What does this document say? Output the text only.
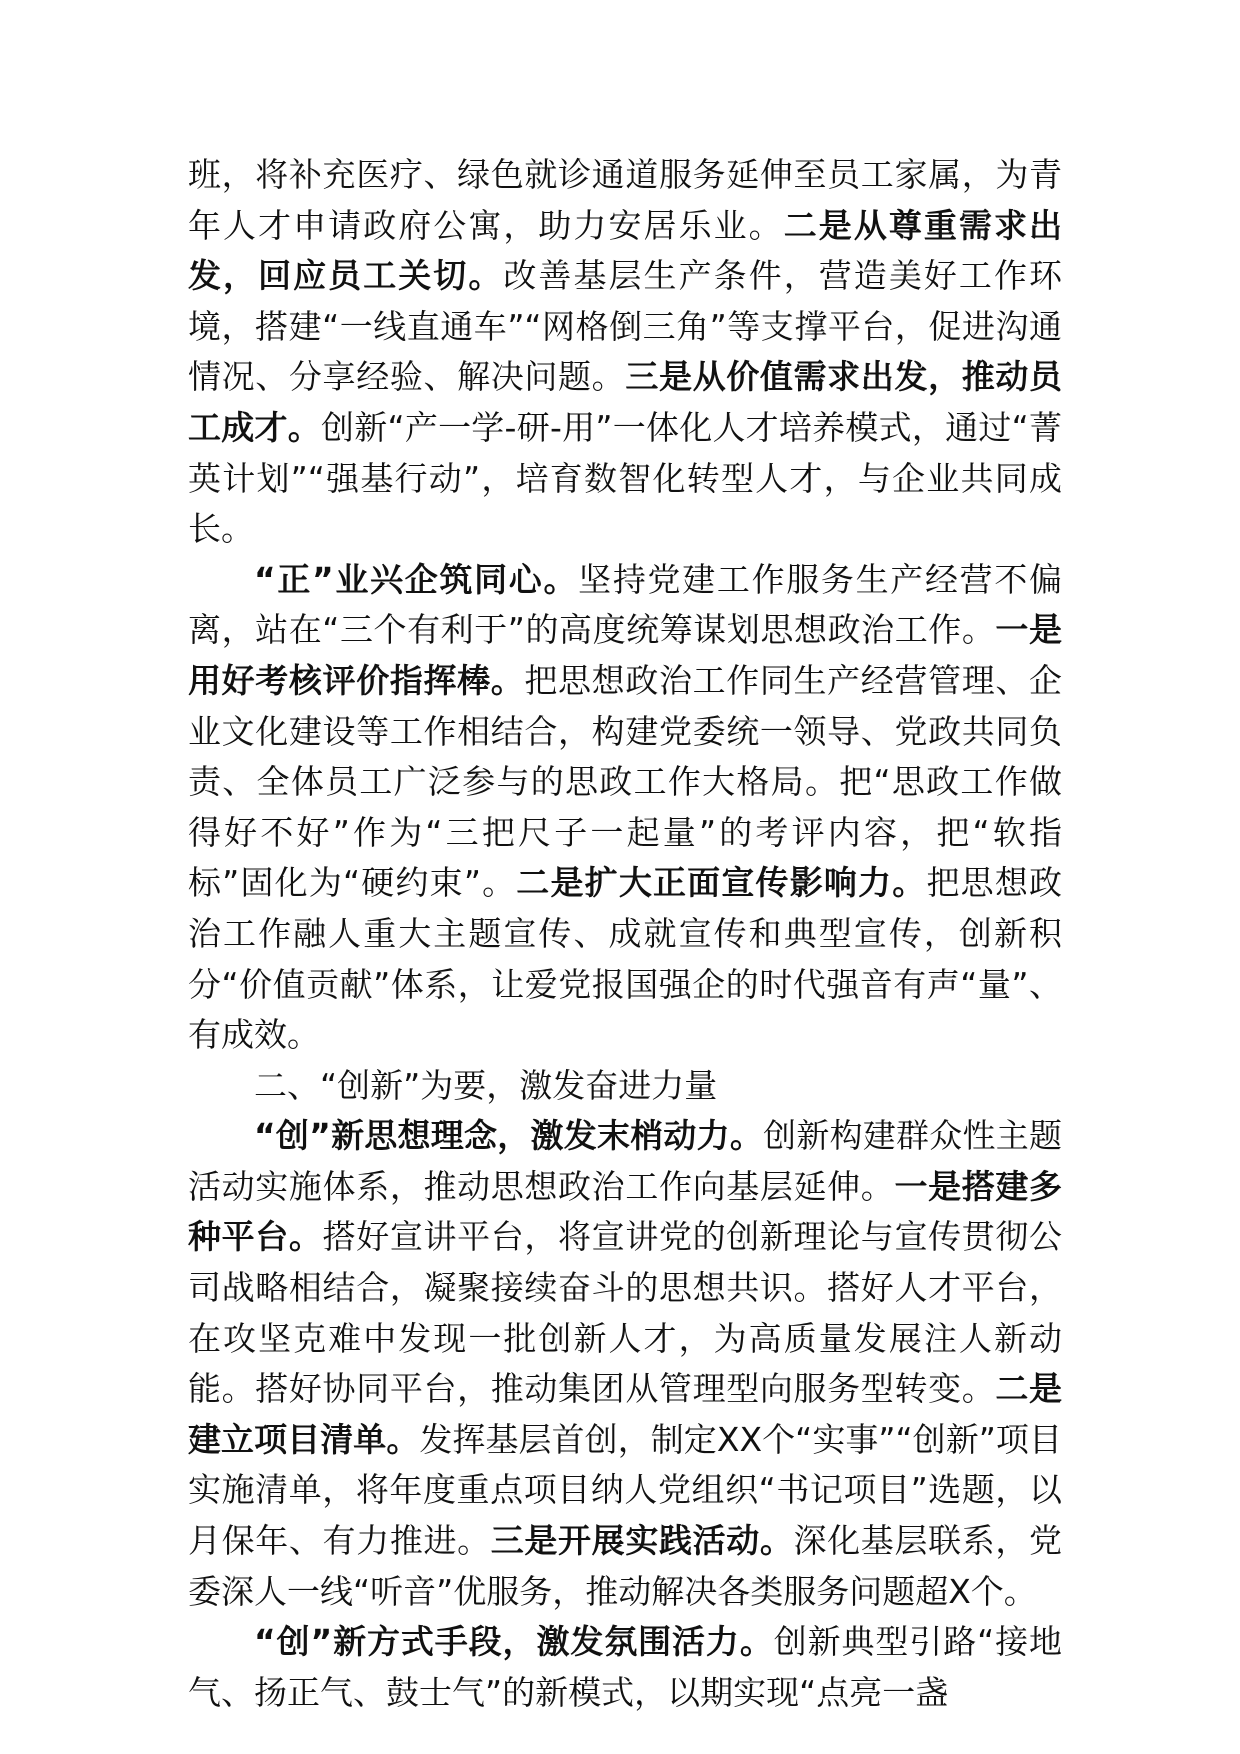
班，将补充医疗、绿色就诊通道服务延伸至员工家属，为青年人才申请政府公寓，助力安居乐业。二是从尊重需求出发，回应员工关切。改善基层生产条件，营造美好工作环境，搭建“一线直通车”“网格倒三角”等支撑平台，促进沟通情况、分享经验、解决问题。三是从价值需求出发，推动员工成才。创新“产一学-研-用”一体化人才培养模式，通过“菁英计划”“强基行动”，培育数智化转型人才，与企业共同成长。

“正”业兴企筑同心。坚持党建工作服务生产经营不偏离，站在“三个有利于”的高度统筹谋划思想政治工作。一是用好考核评价指挥棒。把思想政治工作同生产经营管理、企业文化建设等工作相结合，构建党委统一领导、党政共同负责、全体员工广泛参与的思政工作大格局。把“思政工作做得好不好”作为“三把尺子一起量”的考评内容，把“软指标”固化为“硬约束”。二是扩大正面宣传影响力。把思想政治工作融人重大主题宣传、成就宣传和典型宣传，创新积分“价值贡献”体系，让爱党报国强企的时代强音有声“量”、有成效。

二、“创新”为要，激发奋进力量

“创”新思想理念，激发末梢动力。创新构建群众性主题活动实施体系，推动思想政治工作向基层延伸。一是搭建多种平台。搭好宣讲平台，将宣讲党的创新理论与宣传贯彻公司战略相结合，凝聚接续奋斗的思想共识。搭好人才平台，在攻坚克难中发现一批创新人才，为高质量发展注人新动能。搭好协同平台，推动集团从管理型向服务型转变。二是建立项目清单。发挥基层首创，制定XX个“实事”“创新”项目实施清单，将年度重点项目纳人党组织“书记项目”选题，以月保年、有力推进。三是开展实践活动。深化基层联系，党委深人一线“听音”优服务，推动解决各类服务问题超X个。

“创”新方式手段，激发氛围活力。创新典型引路“接地气、扬正气、鼓士气”的新模式，以期实现“点亮一盏
